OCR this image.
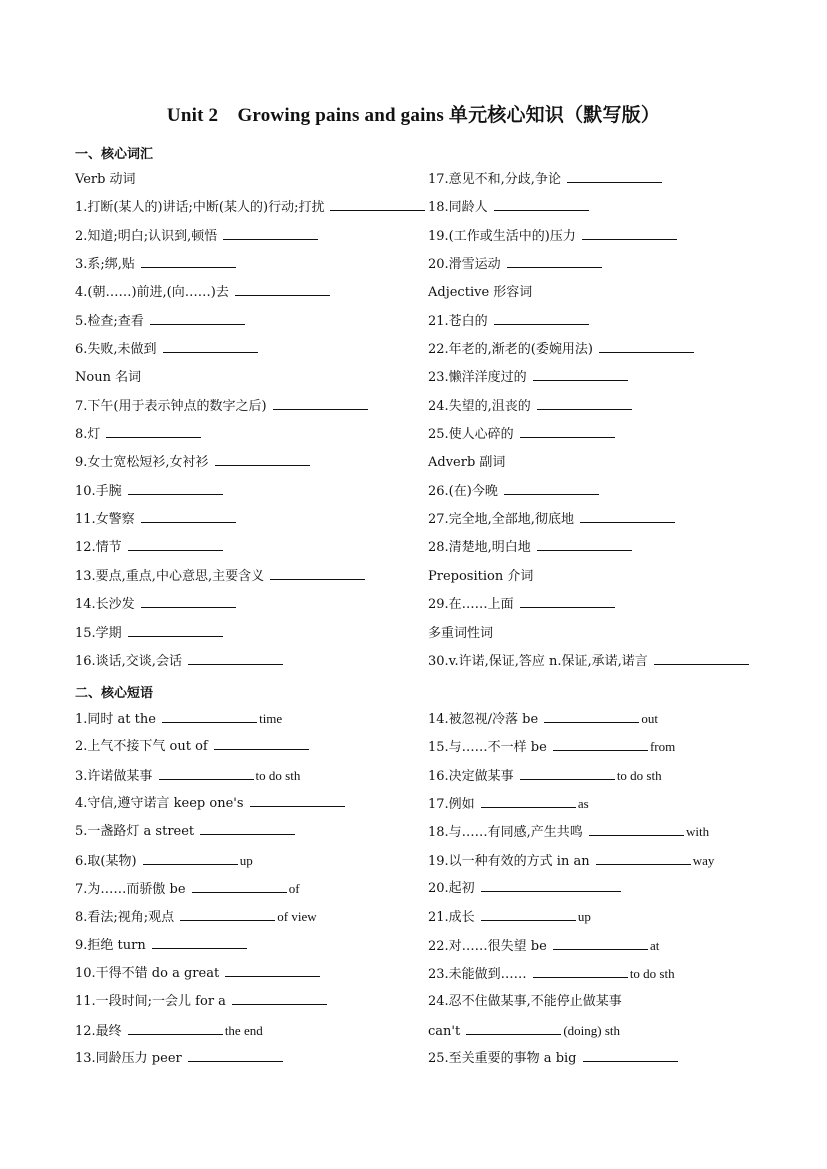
Unit 2　Growing pains and gains 单元核心知识（默写版）
一、核心词汇
Verb 动词
1.打断(某人的)讲话;中断(某人的)行动;打扰
2.知道;明白;认识到,顿悟
3.系;绑,贴
4.(朝……)前进,(向……)去
5.检查;查看
6.失败,未做到
Noun 名词
7.下午(用于表示钟点的数字之后)
8.灯
9.女士宽松短衫,女衬衫
10.手腕
11.女警察
12.情节
13.要点,重点,中心意思,主要含义
14.长沙发
15.学期
16.谈话,交谈,会话
17.意见不和,分歧,争论
18.同龄人
19.(工作或生活中的)压力
20.滑雪运动
Adjective 形容词
21.苍白的
22.年老的,渐老的(委婉用法)
23.懒洋洋度过的
24.失望的,沮丧的
25.使人心碎的
Adverb 副词
26.(在)今晚
27.完全地,全部地,彻底地
28.清楚地,明白地
Preposition 介词
29.在……上面
多重词性词
30.v.许诺,保证,答应 n.保证,承诺,诺言
二、核心短语
1.同时 at the	time
2.上气不接下气 out of
3.许诺做某事	to do sth
4.守信,遵守诺言 keep one's
5.一盏路灯 a street
6.取(某物)	up
7.为……而骄傲 be	of
8.看法;视角;观点	of view
9.拒绝 turn
10.干得不错 do a great
11.一段时间;一会儿 for a
12.最终	the end
13.同龄压力 peer
14.被忽视/冷落 be	out
15.与……不一样 be	from
16.决定做某事	to do sth
17.例如	as
18.与……有同感,产生共鸣	with
19.以一种有效的方式 in an	way
20.起初
21.成长	up
22.对……很失望 be	at
23.未能做到……	to do sth
24.忍不住做某事,不能停止做某事
can't	(doing) sth
25.至关重要的事物 a big
